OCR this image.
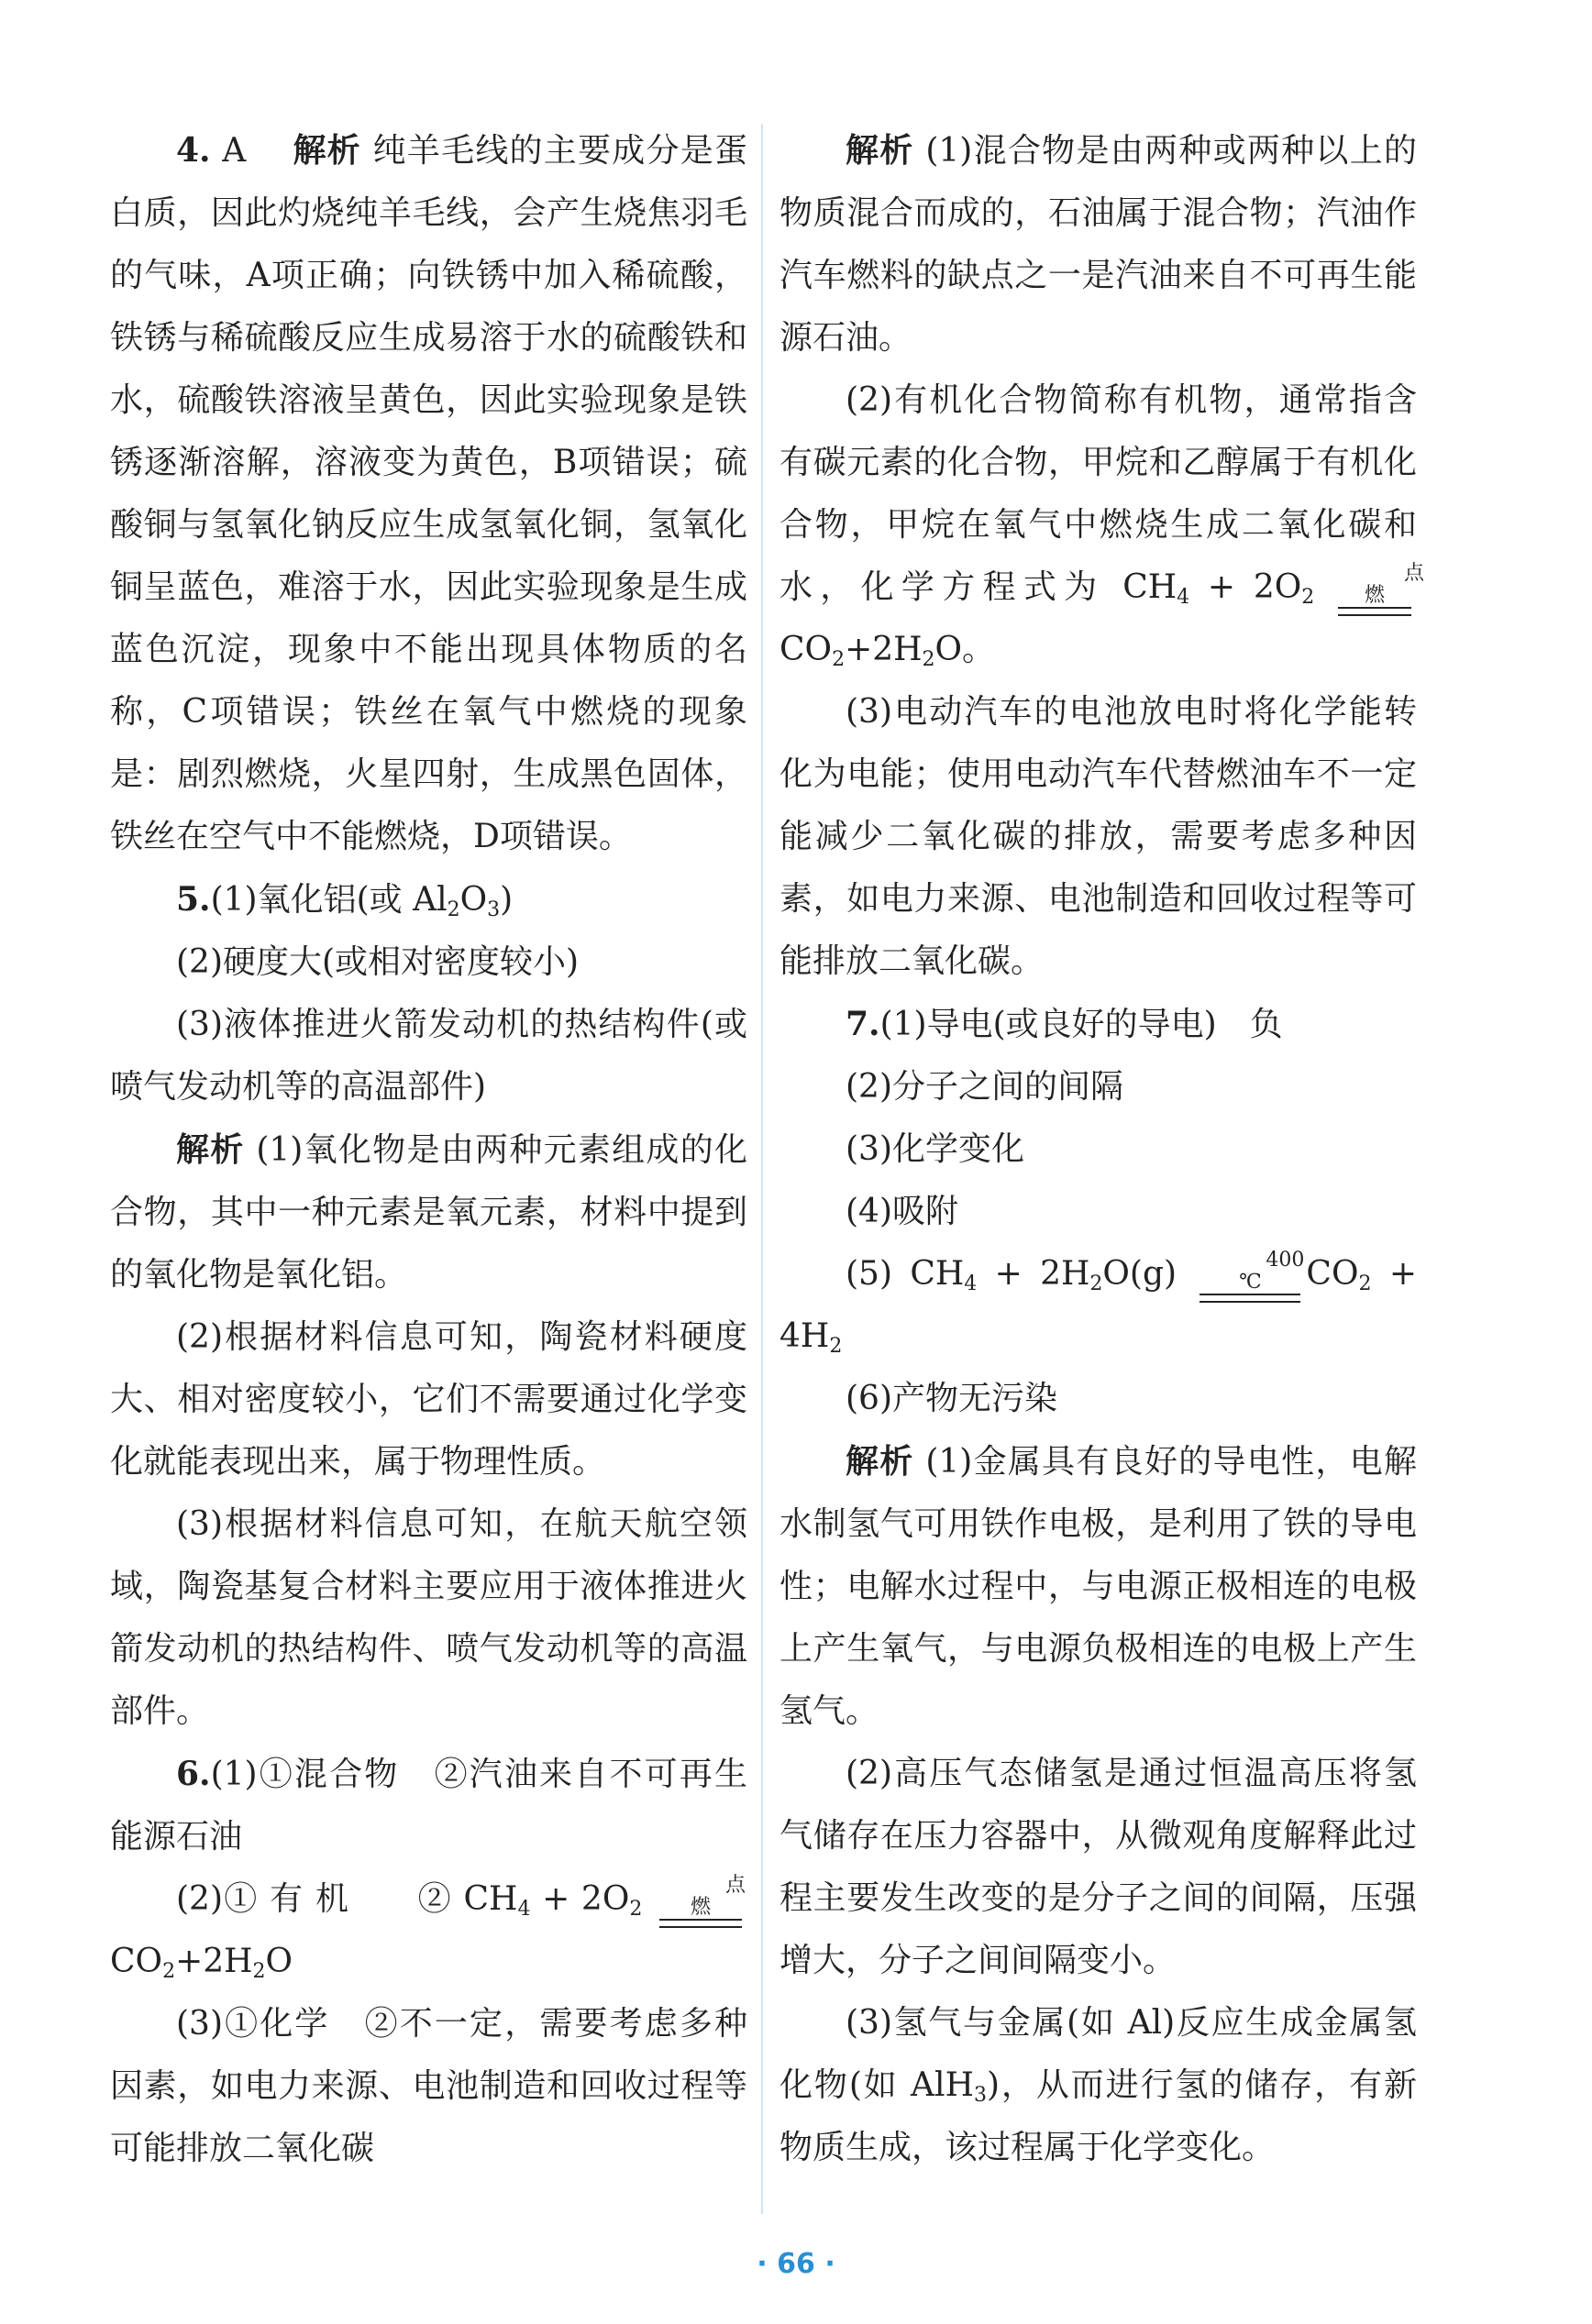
4. A　 解析 纯羊毛线的主要成分是蛋白质，因此灼烧纯羊毛线，会产生烧焦羽毛的气味，A项正确；向铁锈中加入稀硫酸，铁锈与稀硫酸反应生成易溶于水的硫酸铁和水，硫酸铁溶液呈黄色，因此实验现象是铁锈逐渐溶解，溶液变为黄色，B项错误；硫酸铜与氢氧化钠反应生成氢氧化铜，氢氧化铜呈蓝色，难溶于水，因此实验现象是生成蓝色沉淀，现象中不能出现具体物质的名称，C项错误；铁丝在氧气中燃烧的现象是：剧烈燃烧，火星四射，生成黑色固体，铁丝在空气中不能燃烧，D项错误。

5.(1)氧化铝(或 $Al_2O_3$)

(2)硬度大(或相对密度较小)

(3)液体推进火箭发动机的热结构件(或喷气发动机等的高温部件)

解析 (1)氧化物是由两种元素组成的化合物，其中一种元素是氧元素，材料中提到的氧化物是氧化铝。

(2)根据材料信息可知，陶瓷材料硬度大、相对密度较小，它们不需要通过化学变化就能表现出来，属于物理性质。

(3)根据材料信息可知，在航天航空领域，陶瓷基复合材料主要应用于液体推进火箭发动机的热结构件、喷气发动机等的高温部件。

6.(1)①混合物　②汽油来自不可再生能源石油

(2)① 有 机　　② $CH_4 + 2O_2$
点燃
$CO_2+2H_2O$

(3)①化学　②不一定，需要考虑多种因素，如电力来源、电池制造和回收过程等可能排放二氧化碳

解析 (1)混合物是由两种或两种以上的物质混合而成的，石油属于混合物；汽油作汽车燃料的缺点之一是汽油来自不可再生能源石油。

(2)有机化合物简称有机物，通常指含有碳元素的化合物，甲烷和乙醇属于有机化合物，甲烷在氧气中燃烧生成二氧化碳和水，化学方程式为 $CH_4 + 2O_2$
点燃
$CO_2+2H_2O$。

(3)电动汽车的电池放电时将化学能转化为电能；使用电动汽车代替燃油车不一定能减少二氧化碳的排放，需要考虑多种因素，如电力来源、电池制造和回收过程等可能排放二氧化碳。

7.(1)导电(或良好的导电)　负

(2)分子之间的间隔

(3)化学变化

(4)吸附

(5) $CH_4 + 2H_2O(g)$	400 ℃	$CO_2 + 4H_2$

(6)产物无污染

解析 (1)金属具有良好的导电性，电解水制氢气可用铁作电极，是利用了铁的导电性；电解水过程中，与电源正极相连的电极上产生氧气，与电源负极相连的电极上产生氢气。

(2)高压气态储氢是通过恒温高压将氢气储存在压力容器中，从微观角度解释此过程主要发生改变的是分子之间的间隔，压强增大，分子之间间隔变小。

(3)氢气与金属(如 Al)反应生成金属氢化物(如 AlH$_3$)，从而进行氢的储存，有新物质生成，该过程属于化学变化。

· 66 ·
